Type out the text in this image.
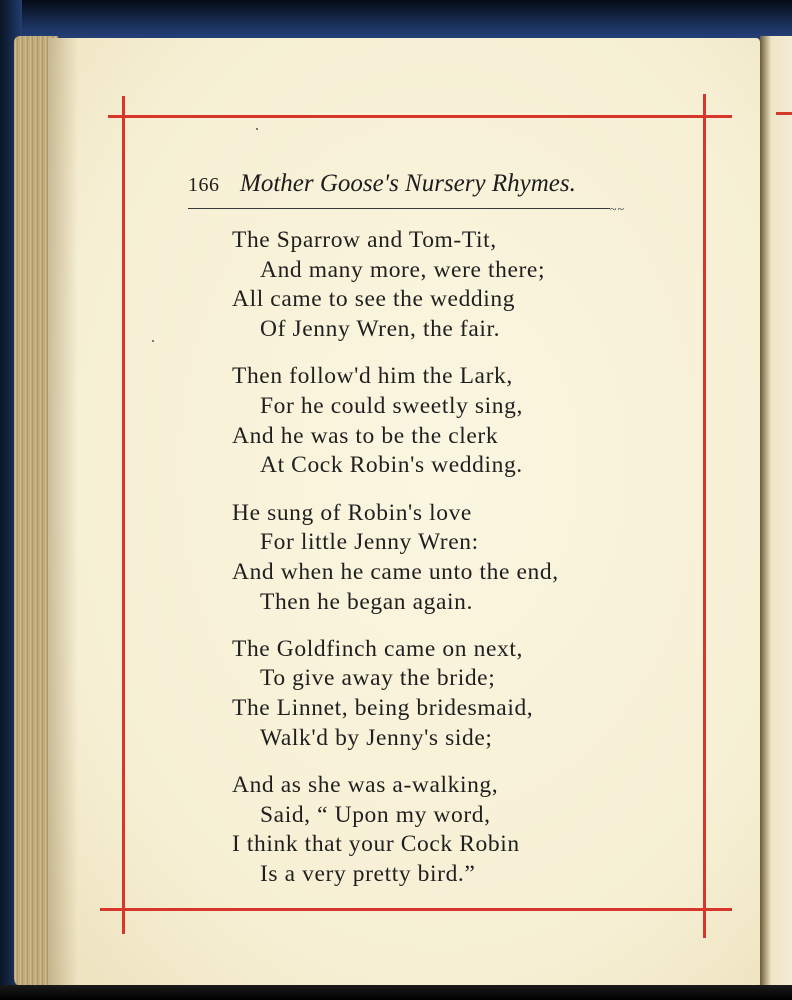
166 Mother Goose's Nursery Rhymes.
~~
The Sparrow and Tom-Tit,
And many more, were there;
All came to see the wedding
Of Jenny Wren, the fair.
Then follow'd him the Lark,
For he could sweetly sing,
And he was to be the clerk
At Cock Robin's wedding.
He sung of Robin's love
For little Jenny Wren:
And when he came unto the end,
Then he began again.
The Goldfinch came on next,
To give away the bride;
The Linnet, being bridesmaid,
Walk'd by Jenny's side;
And as she was a-walking,
Said, “ Upon my word,
I think that your Cock Robin
Is a very pretty bird.”
